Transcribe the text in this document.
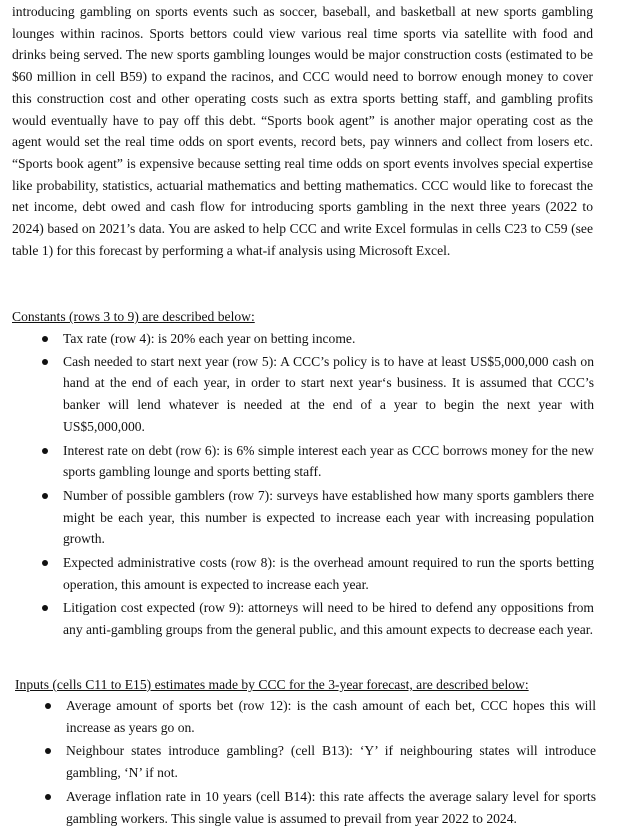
introducing gambling on sports events such as soccer, baseball, and basketball at new sports gambling lounges within racinos. Sports bettors could view various real time sports via satellite with food and drinks being served. The new sports gambling lounges would be major construction costs (estimated to be $60 million in cell B59) to expand the racinos, and CCC would need to borrow enough money to cover this construction cost and other operating costs such as extra sports betting staff, and gambling profits would eventually have to pay off this debt. “Sports book agent” is another major operating cost as the agent would set the real time odds on sport events, record bets, pay winners and collect from losers etc. “Sports book agent” is expensive because setting real time odds on sport events involves special expertise like probability, statistics, actuarial mathematics and betting mathematics. CCC would like to forecast the net income, debt owed and cash flow for introducing sports gambling in the next three years (2022 to 2024) based on 2021’s data. You are asked to help CCC and write Excel formulas in cells C23 to C59 (see table 1) for this forecast by performing a what-if analysis using Microsoft Excel.

Constants (rows 3 to 9) are described below:

Tax rate (row 4): is 20% each year on betting income.
Cash needed to start next year (row 5): A CCC’s policy is to have at least US$5,000,000 cash on hand at the end of each year, in order to start next year‘s business. It is assumed that CCC’s banker will lend whatever is needed at the end of a year to begin the next year with US$5,000,000.
Interest rate on debt (row 6): is 6% simple interest each year as CCC borrows money for the new sports gambling lounge and sports betting staff.
Number of possible gamblers (row 7): surveys have established how many sports gamblers there might be each year, this number is expected to increase each year with increasing population growth.
Expected administrative costs (row 8): is the overhead amount required to run the sports betting operation, this amount is expected to increase each year.
Litigation cost expected (row 9): attorneys will need to be hired to defend any oppositions from any anti-gambling groups from the general public, and this amount expects to decrease each year.

Inputs (cells C11 to E15) estimates made by CCC for the 3-year forecast, are described below:

Average amount of sports bet (row 12): is the cash amount of each bet, CCC hopes this will increase as years go on.
Neighbour states introduce gambling? (cell B13): ‘Y’ if neighbouring states will introduce gambling, ‘N’ if not.
Average inflation rate in 10 years (cell B14): this rate affects the average salary level for sports gambling workers. This single value is assumed to prevail from year 2022 to 2024.
